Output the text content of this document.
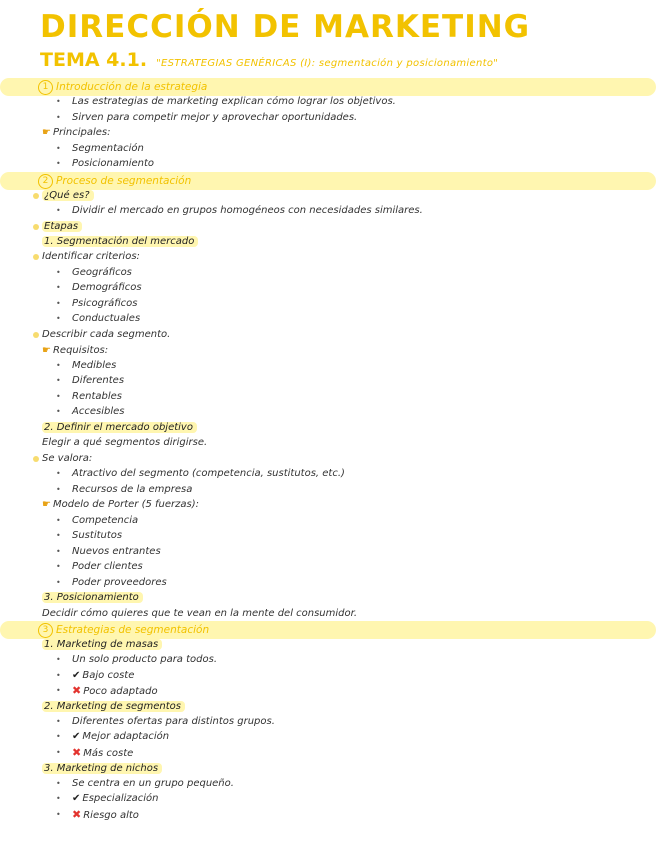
DIRECCIÓN DE MARKETING
TEMA 4.1. "ESTRATEGIAS GENÉRICAS (I): segmentación y posicionamiento"
1 Introducción de la estrategia
• Las estrategias de marketing explican cómo lograr los objetivos.
• Sirven para competir mejor y aprovechar oportunidades.
☛ Principales:
• Segmentación
• Posicionamiento
2 Proceso de segmentación
¿Qué es?
• Dividir el mercado en grupos homogéneos con necesidades similares.
Etapas
1. Segmentación del mercado
Identificar criterios:
• Geográficos
• Demográficos
• Psicográficos
• Conductuales
Describir cada segmento.
☛ Requisitos:
• Medibles
• Diferentes
• Rentables
• Accesibles
2. Definir el mercado objetivo
Elegir a qué segmentos dirigirse.
Se valora:
• Atractivo del segmento (competencia, sustitutos, etc.)
• Recursos de la empresa
☛ Modelo de Porter (5 fuerzas):
• Competencia
• Sustitutos
• Nuevos entrantes
• Poder clientes
• Poder proveedores
3. Posicionamiento
Decidir cómo quieres que te vean en la mente del consumidor.
3 Estrategias de segmentación
1. Marketing de masas
• Un solo producto para todos.
• ✔ Bajo coste
• ✖ Poco adaptado
2. Marketing de segmentos
• Diferentes ofertas para distintos grupos.
• ✔ Mejor adaptación
• ✖ Más coste
3. Marketing de nichos
• Se centra en un grupo pequeño.
• ✔ Especialización
• ✖ Riesgo alto
